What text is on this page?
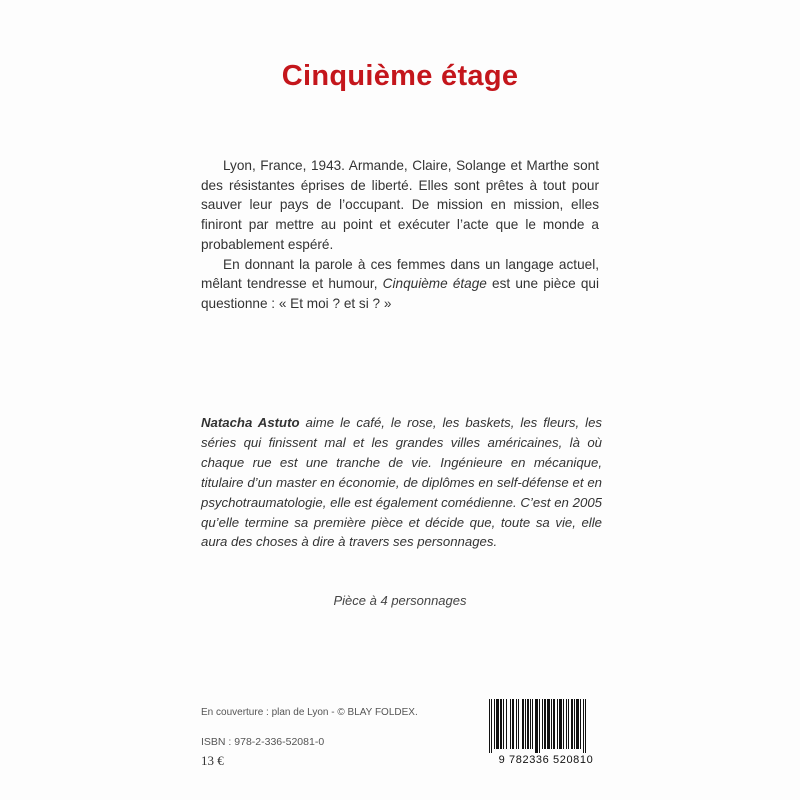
Cinquième étage

Lyon, France, 1943. Armande, Claire, Solange et Marthe sont des résistantes éprises de liberté. Elles sont prêtes à tout pour sauver leur pays de l’occupant. De mission en mission, elles finiront par mettre au point et exécuter l’acte que le monde a probablement espéré.

En donnant la parole à ces femmes dans un langage actuel, mêlant tendresse et humour, Cinquième étage est une pièce qui questionne : « Et moi ? et si ? »

Natacha Astuto aime le café, le rose, les baskets, les fleurs, les séries qui finissent mal et les grandes villes américaines, là où chaque rue est une tranche de vie. Ingénieure en mécanique, titulaire d’un master en économie, de diplômes en self-défense et en psychotraumatologie, elle est également comédienne. C’est en 2005 qu’elle termine sa première pièce et décide que, toute sa vie, elle aura des choses à dire à travers ses personnages.
Pièce à 4 personnages
En couverture : plan de Lyon - © BLAY FOLDEX.
ISBN : 978-2-336-52081-0
13 €	9 782336 520810
